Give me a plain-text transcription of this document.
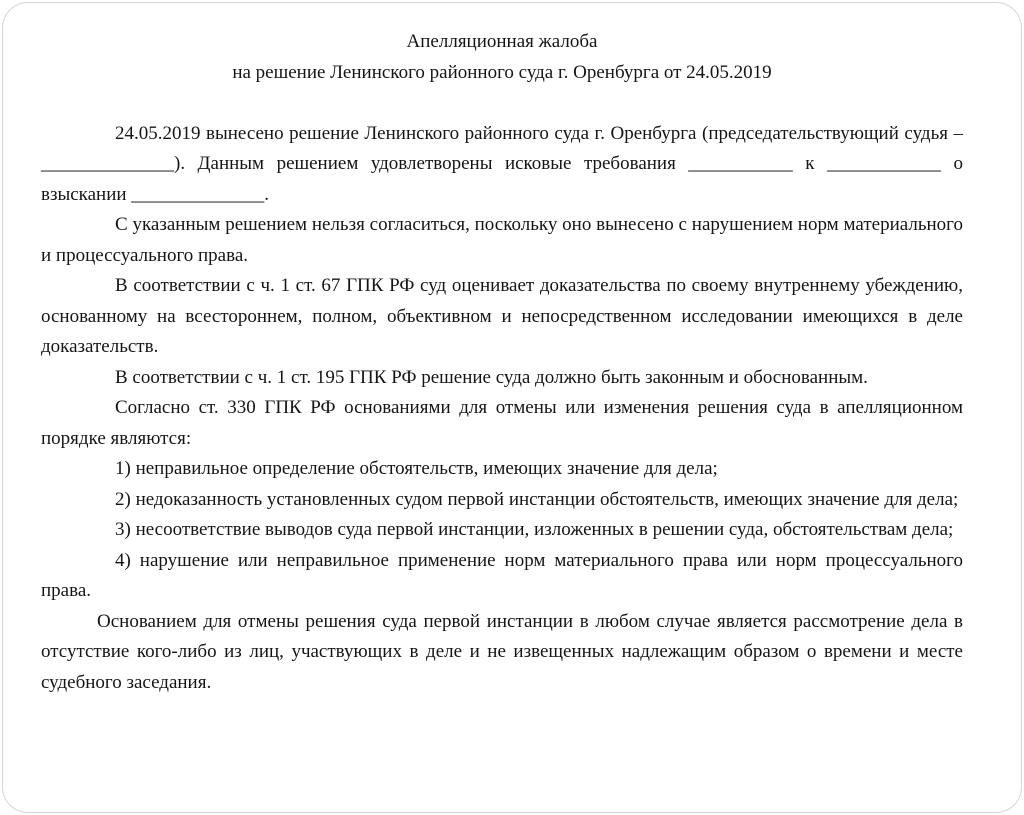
Апелляционная жалоба

на решение Ленинского районного суда г. Оренбурга от 24.05.2019

24.05.2019 вынесено решение Ленинского районного суда г. Оренбурга (председательствующий судья – ______________). Данным решением удовлетворены исковые требования ___________ к ____________ о взыскании ______________.

С указанным решением нельзя согласиться, поскольку оно вынесено с нарушением норм материального и процессуального права.

В соответствии с ч. 1 ст. 67 ГПК РФ суд оценивает доказательства по своему внутреннему убеждению, основанному на всестороннем, полном, объективном и непосредственном исследовании имеющихся в деле доказательств.

В соответствии с ч. 1 ст. 195 ГПК РФ решение суда должно быть законным и обоснованным.

Согласно ст. 330 ГПК РФ основаниями для отмены или изменения решения суда в апелляционном порядке являются:

1) неправильное определение обстоятельств, имеющих значение для дела;

2) недоказанность установленных судом первой инстанции обстоятельств, имеющих значение для дела;

3) несоответствие выводов суда первой инстанции, изложенных в решении суда, обстоятельствам дела;

4) нарушение или неправильное применение норм материального права или норм процессуального права.

Основанием для отмены решения суда первой инстанции в любом случае является рассмотрение дела в отсутствие кого-либо из лиц, участвующих в деле и не извещенных надлежащим образом о времени и месте судебного заседания.
